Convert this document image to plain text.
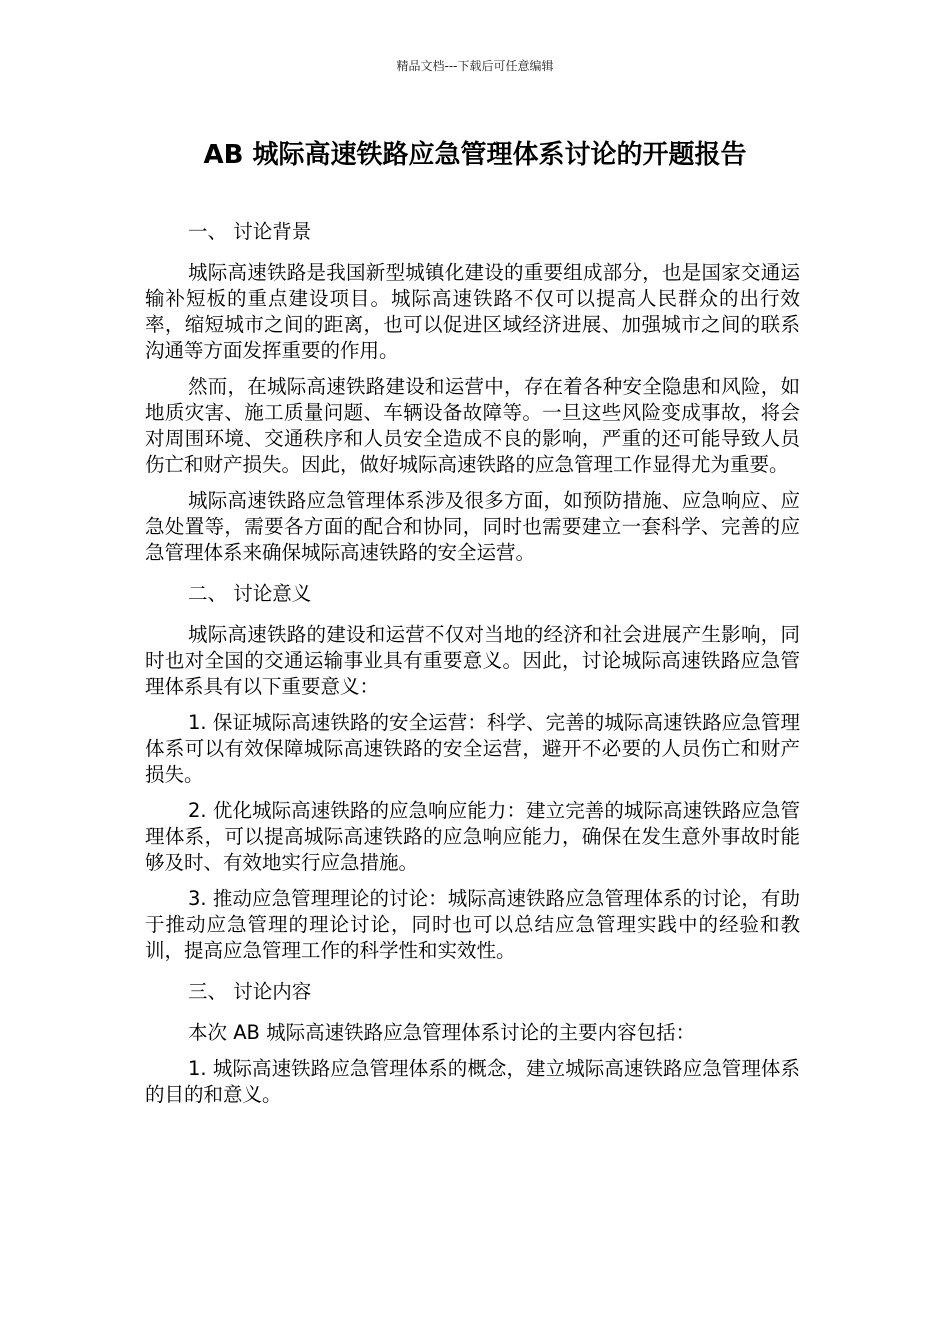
精品文档---下载后可任意编辑
AB 城际高速铁路应急管理体系讨论的开题报告
一、 讨论背景

城际高速铁路是我国新型城镇化建设的重要组成部分，也是国家交通运输补短板的重点建设项目。城际高速铁路不仅可以提高人民群众的出行效率，缩短城市之间的距离，也可以促进区域经济进展、加强城市之间的联系沟通等方面发挥重要的作用。

然而，在城际高速铁路建设和运营中，存在着各种安全隐患和风险，如地质灾害、施工质量问题、车辆设备故障等。一旦这些风险变成事故，将会对周围环境、交通秩序和人员安全造成不良的影响，严重的还可能导致人员伤亡和财产损失。因此，做好城际高速铁路的应急管理工作显得尤为重要。

城际高速铁路应急管理体系涉及很多方面，如预防措施、应急响应、应急处置等，需要各方面的配合和协同，同时也需要建立一套科学、完善的应急管理体系来确保城际高速铁路的安全运营。

二、 讨论意义

城际高速铁路的建设和运营不仅对当地的经济和社会进展产生影响，同时也对全国的交通运输事业具有重要意义。因此，讨论城际高速铁路应急管理体系具有以下重要意义：

1. 保证城际高速铁路的安全运营：科学、完善的城际高速铁路应急管理体系可以有效保障城际高速铁路的安全运营，避开不必要的人员伤亡和财产损失。

2. 优化城际高速铁路的应急响应能力：建立完善的城际高速铁路应急管理体系，可以提高城际高速铁路的应急响应能力，确保在发生意外事故时能够及时、有效地实行应急措施。

3. 推动应急管理理论的讨论：城际高速铁路应急管理体系的讨论，有助于推动应急管理的理论讨论，同时也可以总结应急管理实践中的经验和教训，提高应急管理工作的科学性和实效性。

三、 讨论内容

本次 AB 城际高速铁路应急管理体系讨论的主要内容包括：

1. 城际高速铁路应急管理体系的概念，建立城际高速铁路应急管理体系的目的和意义。
